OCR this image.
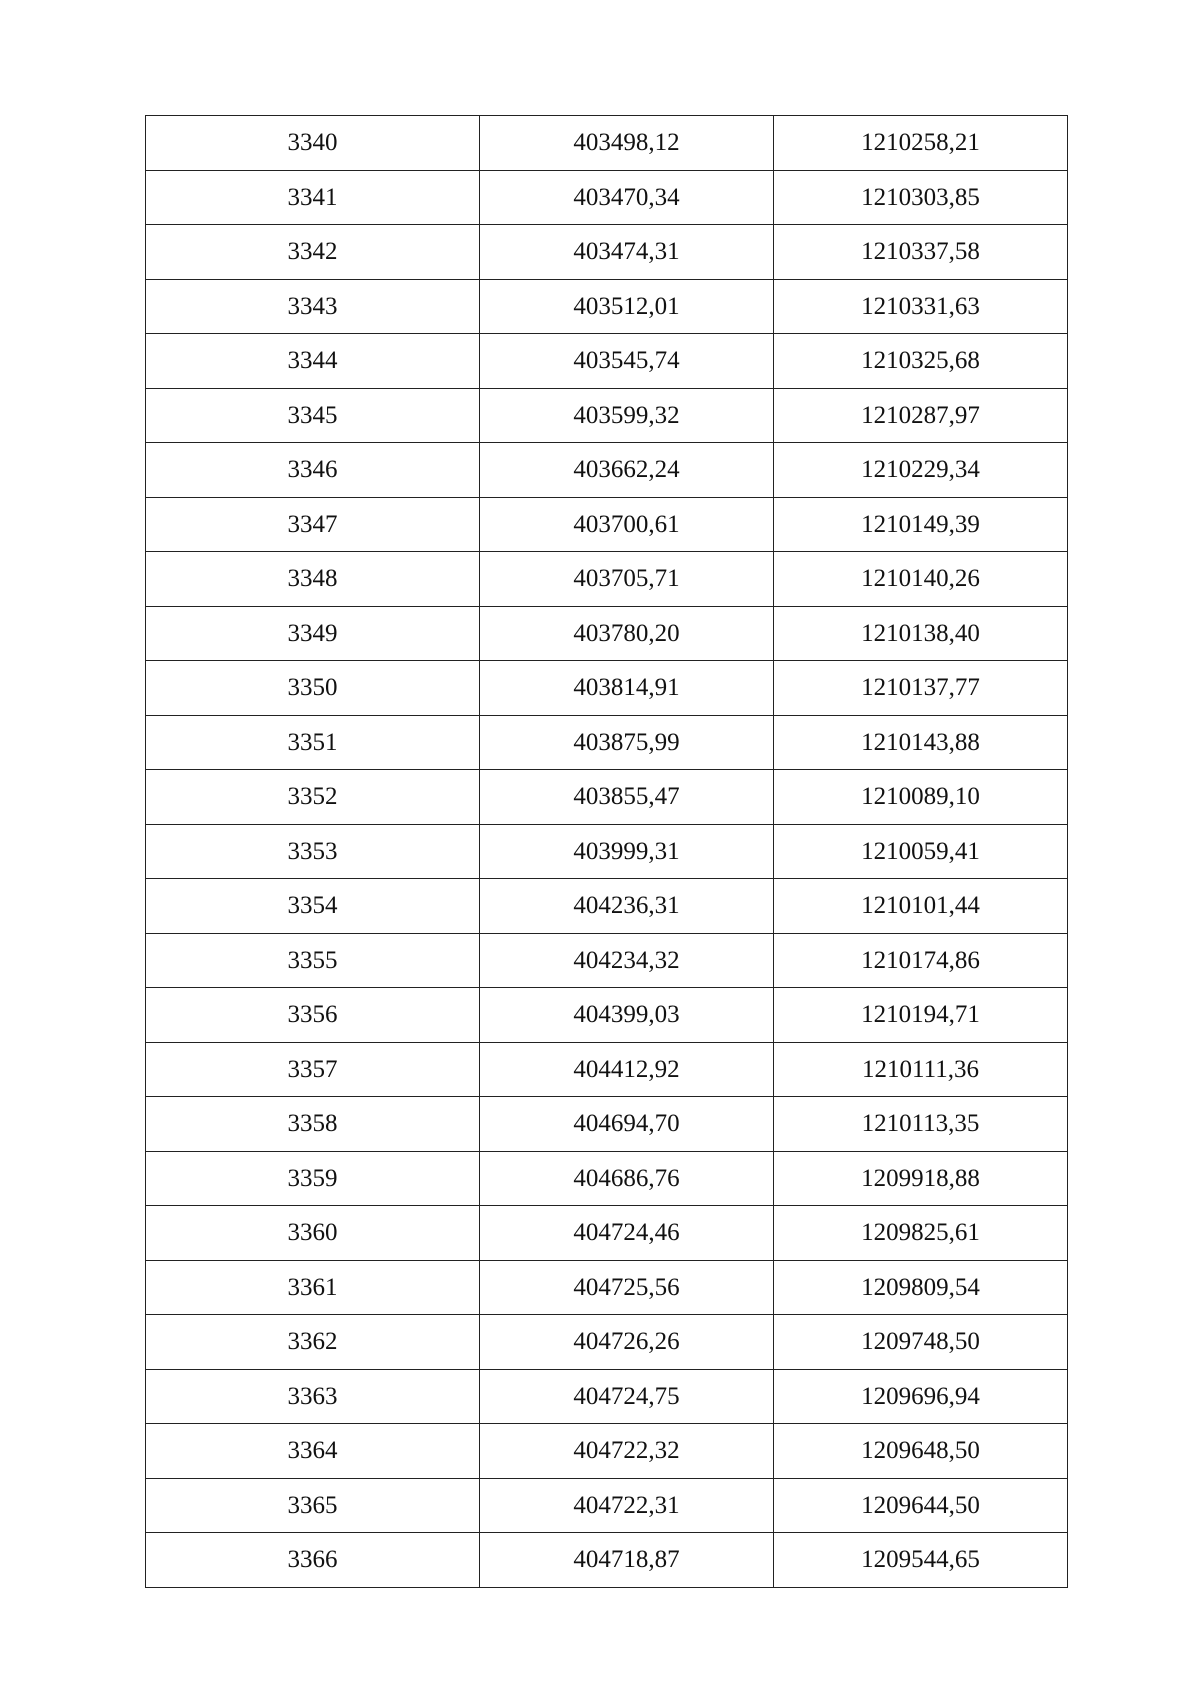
3340	403498,12	1210258,21
3341	403470,34	1210303,85
3342	403474,31	1210337,58
3343	403512,01	1210331,63
3344	403545,74	1210325,68
3345	403599,32	1210287,97
3346	403662,24	1210229,34
3347	403700,61	1210149,39
3348	403705,71	1210140,26
3349	403780,20	1210138,40
3350	403814,91	1210137,77
3351	403875,99	1210143,88
3352	403855,47	1210089,10
3353	403999,31	1210059,41
3354	404236,31	1210101,44
3355	404234,32	1210174,86
3356	404399,03	1210194,71
3357	404412,92	1210111,36
3358	404694,70	1210113,35
3359	404686,76	1209918,88
3360	404724,46	1209825,61
3361	404725,56	1209809,54
3362	404726,26	1209748,50
3363	404724,75	1209696,94
3364	404722,32	1209648,50
3365	404722,31	1209644,50
3366	404718,87	1209544,65
